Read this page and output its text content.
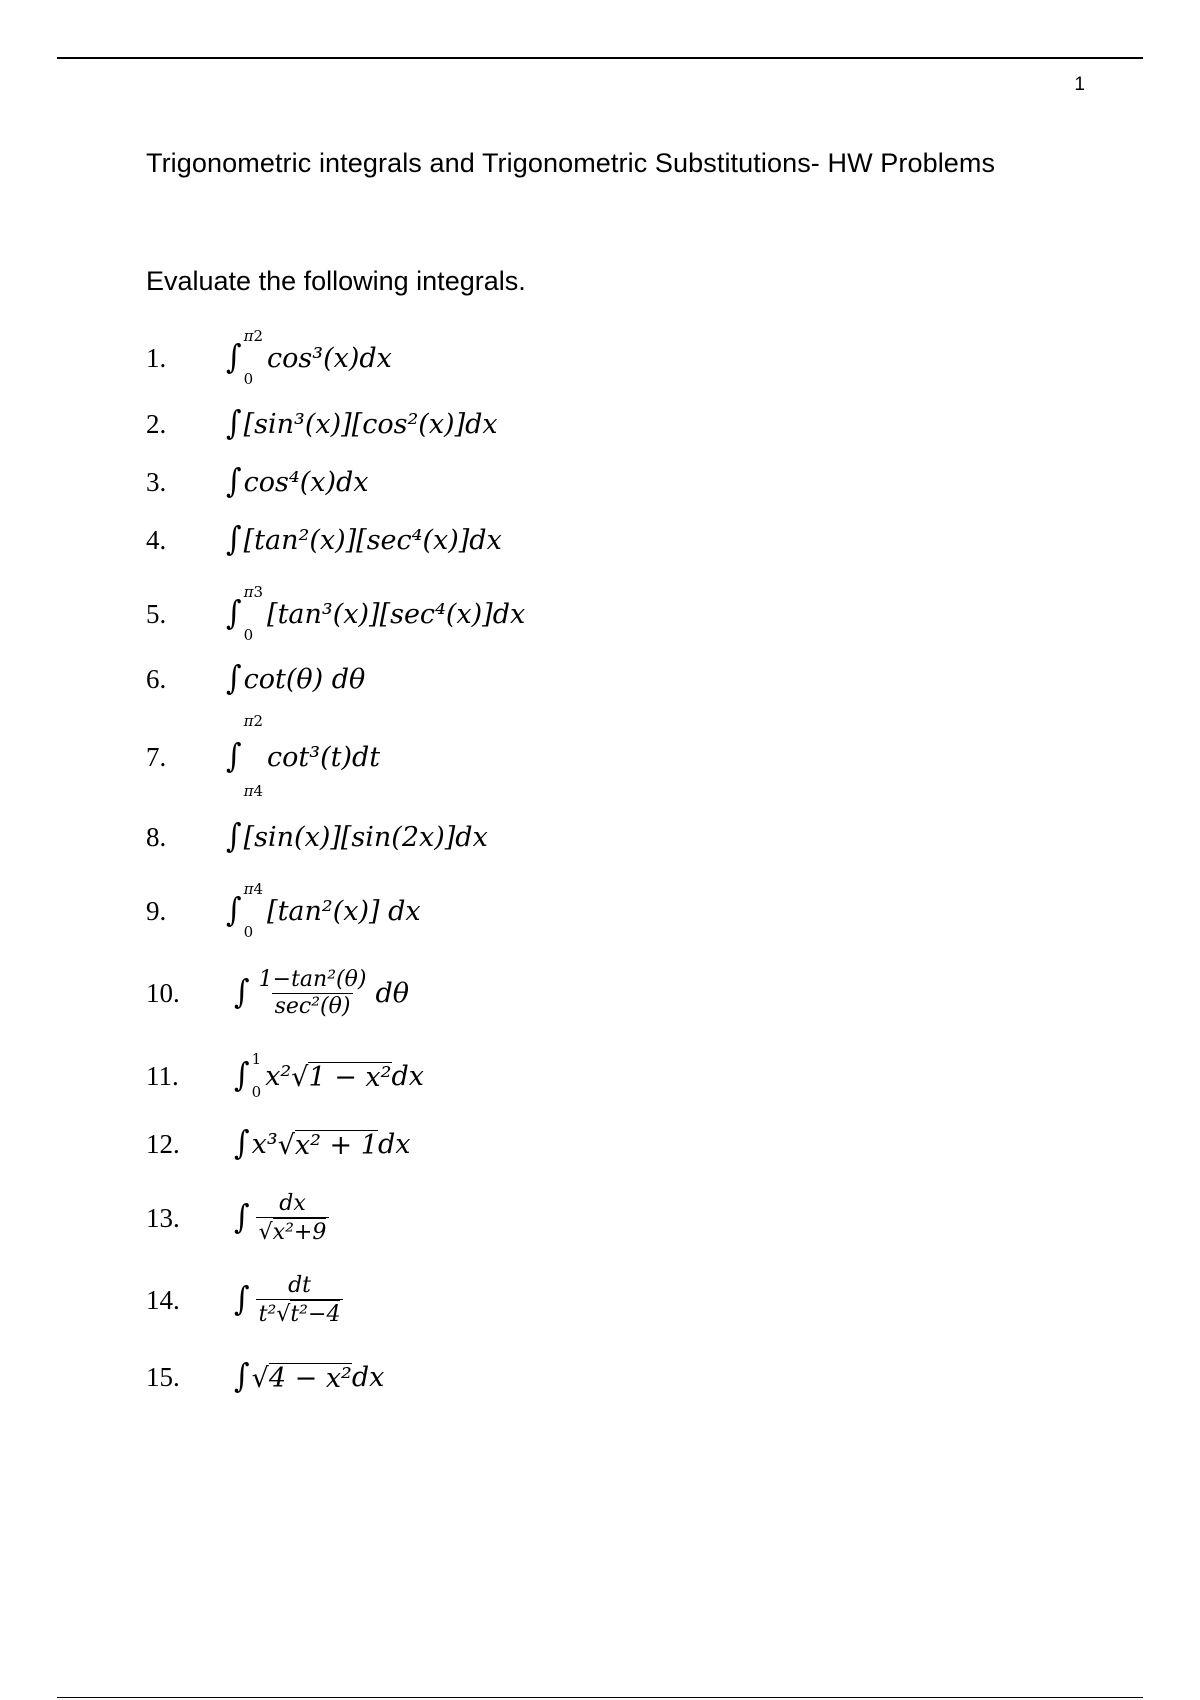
1
Trigonometric integrals and Trigonometric Substitutions- HW Problems
Evaluate the following integrals.
1.	∫
π2
0
cos³(x)dx
2.	∫ [sin³(x)][cos²(x)]dx
3.	∫ cos⁴(x)dx
4.	∫ [tan²(x)][sec⁴(x)]dx
5.	∫
π3
0
[tan³(x)][sec⁴(x)]dx
6.	∫ cot(θ) dθ
7.	∫
π2
π4
cot³(t)dt
8.	∫ [sin(x)][sin(2x)]dx
9.	∫
π4
0
[tan²(x)] dx
10.	∫ $\frac{\text{1−tan²(θ)}}{\text{sec²(θ)}}$ dθ
11.	∫ 1
0
x² √ 1 − x² dx
12.	∫ x³ √ x² + 1 dx
13.	∫ $\frac{dx}{\text{√ x²+9}}$
14.	∫ $\frac{dt}{\text{t² √ t²−4}}$
15.	∫ √ 4 − x² dx
